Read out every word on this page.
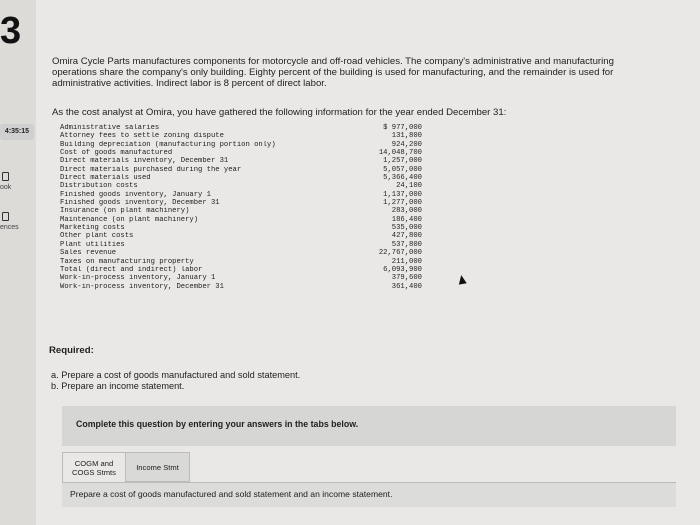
3
4:35:15
ook
ences
Omira Cycle Parts manufactures components for motorcycle and off-road vehicles. The company's administrative and manufacturing
operations share the company's only building. Eighty percent of the building is used for manufacturing, and the remainder is used for
administrative activities. Indirect labor is 8 percent of direct labor.
As the cost analyst at Omira, you have gathered the following information for the year ended December 31:
Administrative salaries	$ 977,000
Attorney fees to settle zoning dispute	131,800
Building depreciation (manufacturing portion only)	924,200
Cost of goods manufactured	14,048,700
Direct materials inventory, December 31	1,257,000
Direct materials purchased during the year	5,057,000
Direct materials used	5,366,400
Distribution costs	24,100
Finished goods inventory, January 1	1,137,000
Finished goods inventory, December 31	1,277,000
Insurance (on plant machinery)	283,000
Maintenance (on plant machinery)	186,400
Marketing costs	535,000
Other plant costs	427,800
Plant utilities	537,800
Sales revenue	22,767,000
Taxes on manufacturing property	211,000
Total (direct and indirect) labor	6,093,900
Work-in-process inventory, January 1	379,600
Work-in-process inventory, December 31	361,400
Required:
a. Prepare a cost of goods manufactured and sold statement.
b. Prepare an income statement.
Complete this question by entering your answers in the tabs below.
COGM and
COGS Stmts
Income Stmt
Prepare a cost of goods manufactured and sold statement and an income statement.
